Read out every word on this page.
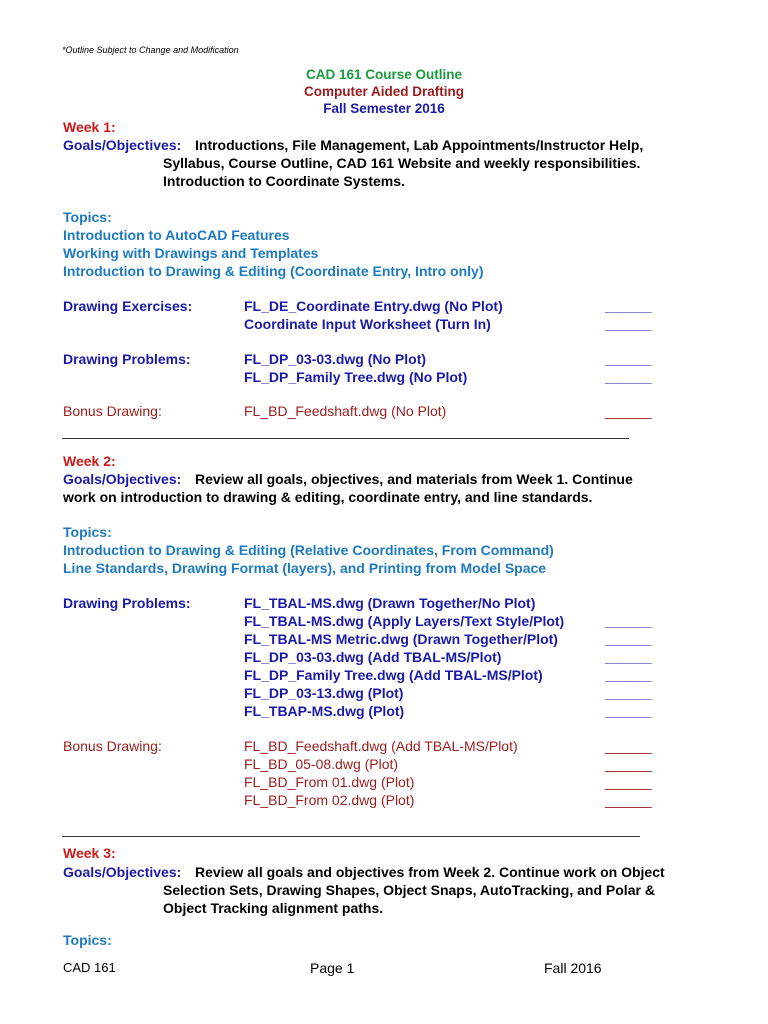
*Outline Subject to Change and Modification
CAD 161 Course Outline
Computer Aided Drafting
Fall Semester 2016
Week 1:
Goals/Objectives: Introductions, File Management, Lab Appointments/Instructor Help,
Syllabus, Course Outline, CAD 161 Website and weekly responsibilities.
Introduction to Coordinate Systems.
Topics:
Introduction to AutoCAD Features
Working with Drawings and Templates
Introduction to Drawing & Editing (Coordinate Entry, Intro only)
Drawing Exercises:	FL_DE_Coordinate Entry.dwg (No Plot)	______
Coordinate Input Worksheet (Turn In)	______
Drawing Problems:	FL_DP_03-03.dwg (No Plot)	______
FL_DP_Family Tree.dwg (No Plot)	______
Bonus Drawing:	FL_BD_Feedshaft.dwg (No Plot)	______
Week 2:
Goals/Objectives: Review all goals, objectives, and materials from Week 1. Continue
work on introduction to drawing & editing, coordinate entry, and line standards.
Topics:
Introduction to Drawing & Editing (Relative Coordinates, From Command)
Line Standards, Drawing Format (layers), and Printing from Model Space
Drawing Problems:	FL_TBAL-MS.dwg (Drawn Together/No Plot)
FL_TBAL-MS.dwg (Apply Layers/Text Style/Plot)	______
FL_TBAL-MS Metric.dwg (Drawn Together/Plot)	______
FL_DP_03-03.dwg (Add TBAL-MS/Plot)	______
FL_DP_Family Tree.dwg (Add TBAL-MS/Plot)	______
FL_DP_03-13.dwg (Plot)	______
FL_TBAP-MS.dwg (Plot)	______
Bonus Drawing:	FL_BD_Feedshaft.dwg (Add TBAL-MS/Plot)	______
FL_BD_05-08.dwg (Plot)	______
FL_BD_From 01.dwg (Plot)	______
FL_BD_From 02.dwg (Plot)	______
Week 3:
Goals/Objectives: Review all goals and objectives from Week 2. Continue work on Object
Selection Sets, Drawing Shapes, Object Snaps, AutoTracking, and Polar &
Object Tracking alignment paths.
Topics:
CAD 161	Page 1	Fall 2016
